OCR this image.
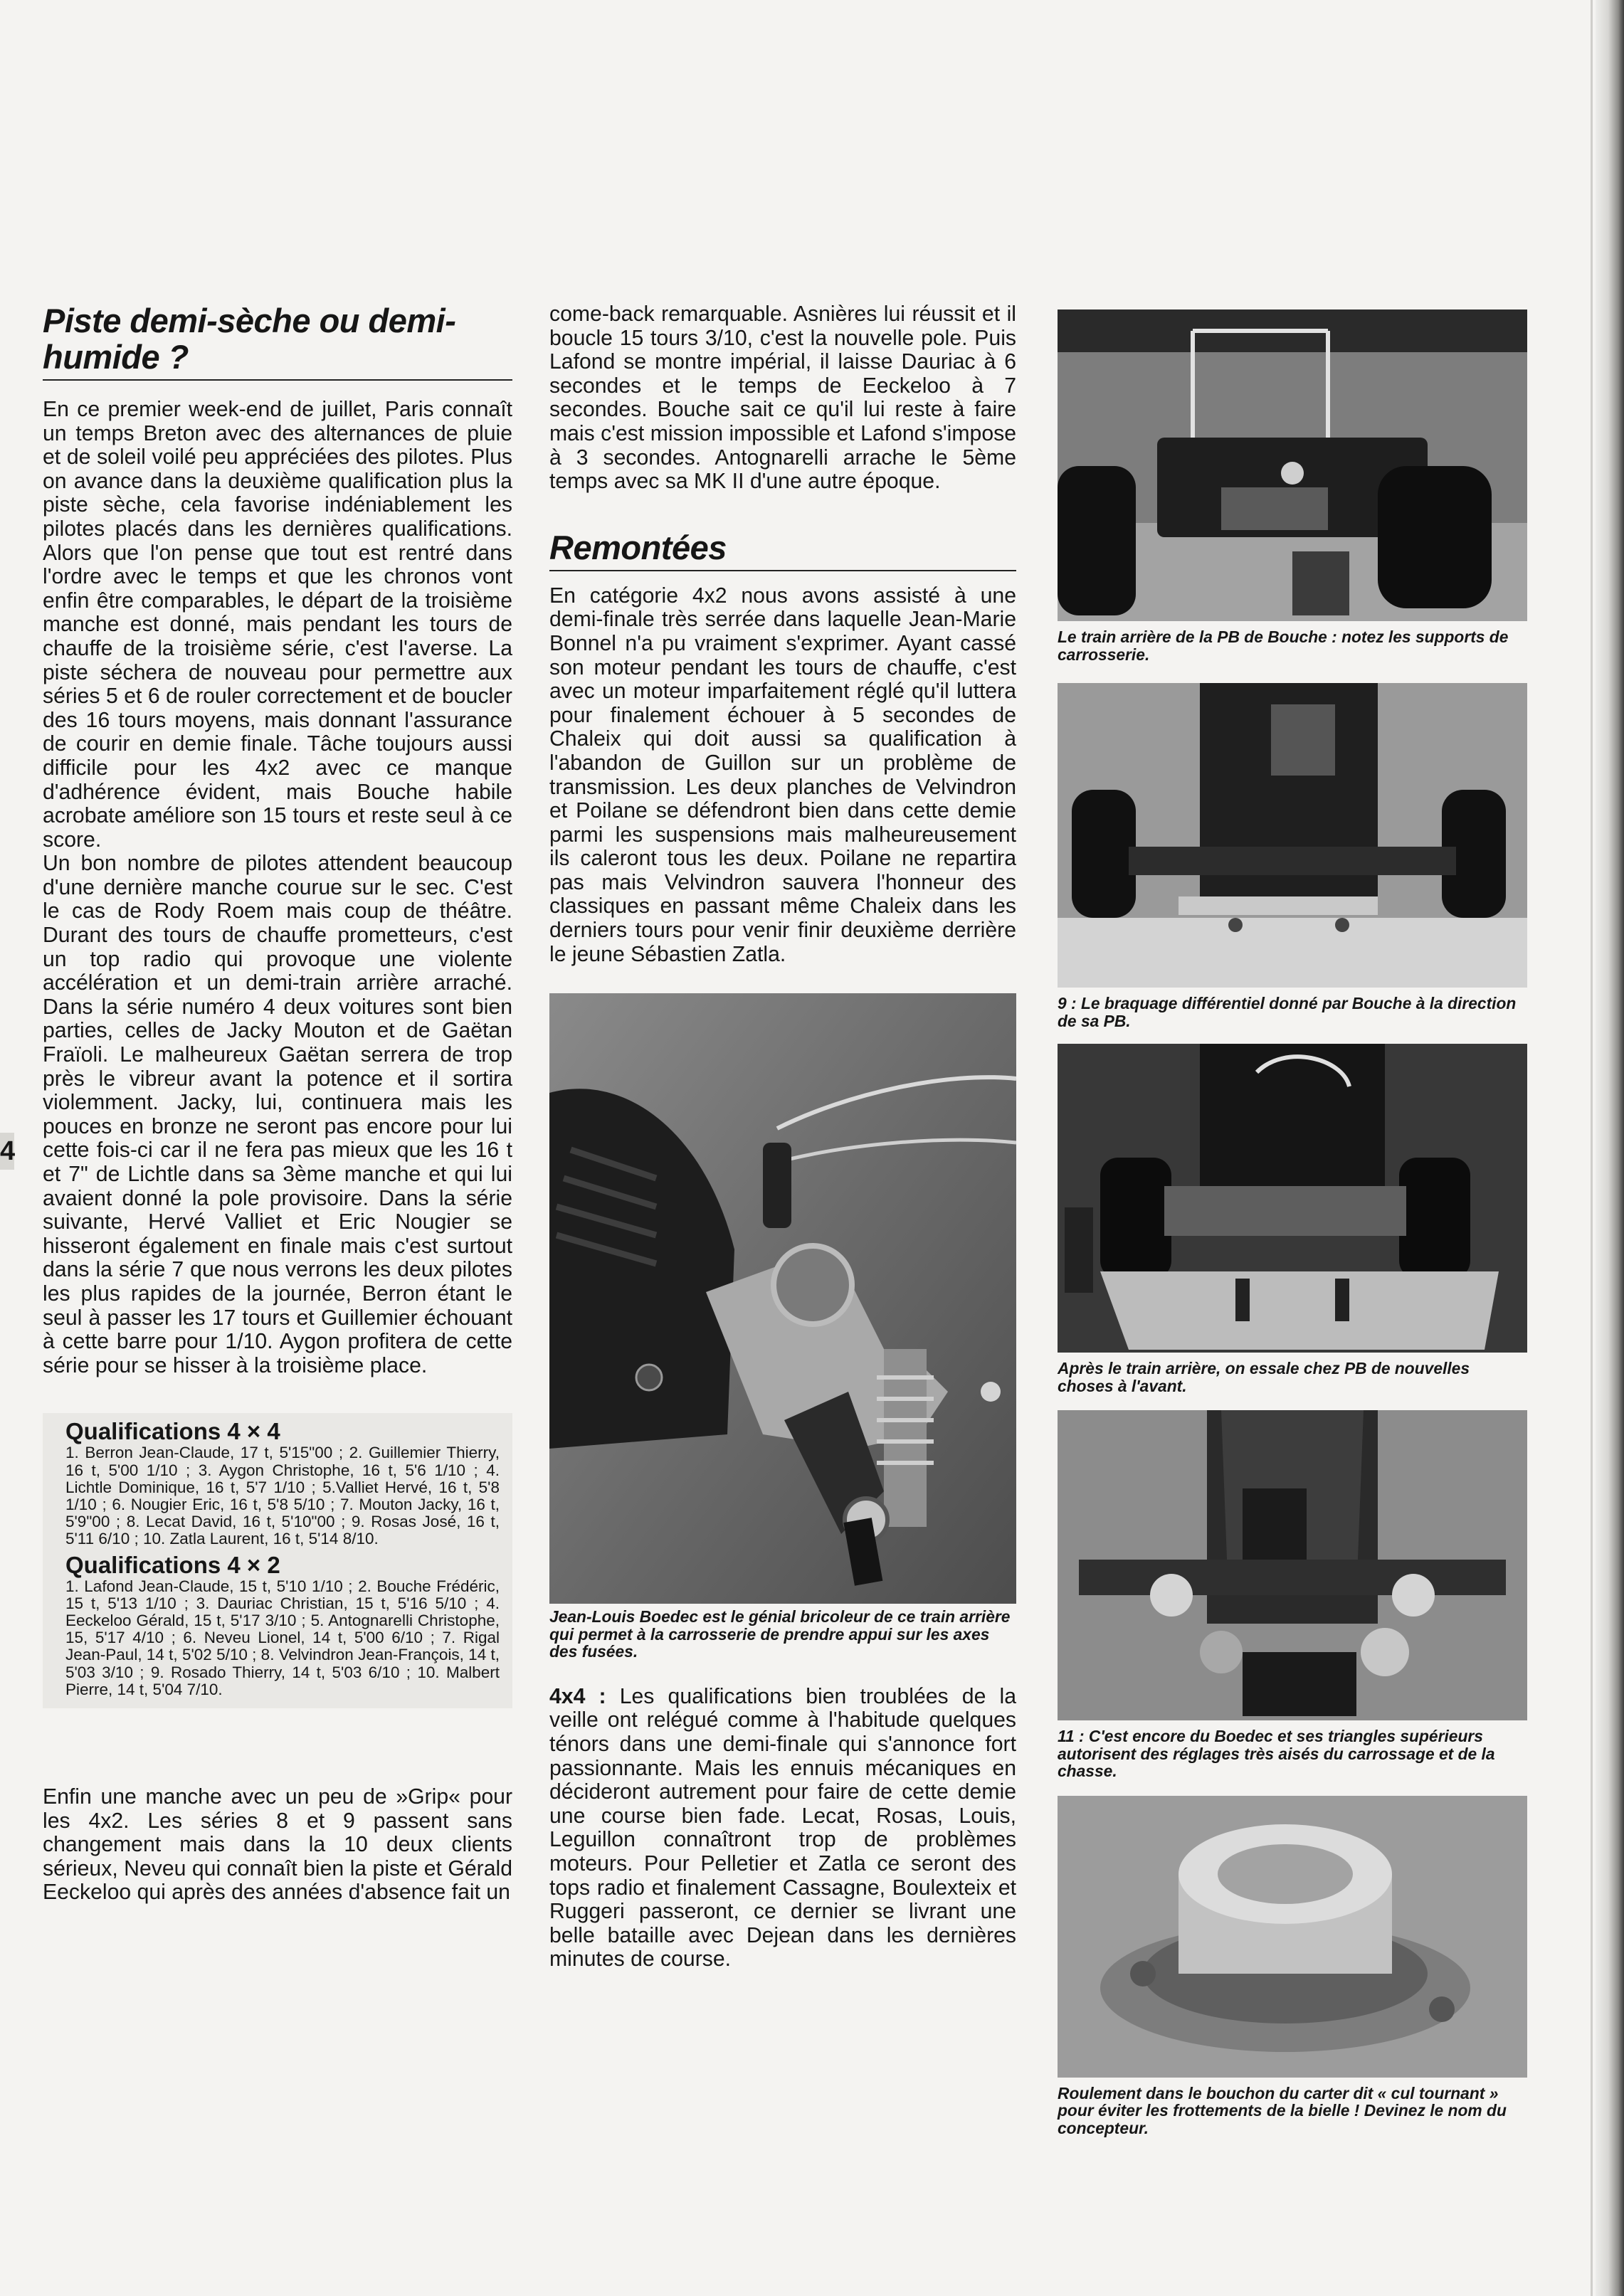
4
Piste demi-sèche ou demi-humide ?

En ce premier week-end de juillet, Paris connaît un temps Breton avec des alternances de pluie et de soleil voilé peu appréciées des pilotes. Plus on avance dans la deuxième qualification plus la piste sèche, cela favorise indéniablement les pilotes placés dans les dernières qualifications. Alors que l'on pense que tout est rentré dans l'ordre avec le temps et que les chronos vont enfin être comparables, le départ de la troisième manche est donné, mais pendant les tours de chauffe de la troisième série, c'est l'averse. La piste séchera de nouveau pour permettre aux séries 5 et 6 de rouler correctement et de boucler des 16 tours moyens, mais donnant l'assurance de courir en demie finale. Tâche toujours aussi difficile pour les 4x2 avec ce manque d'adhérence évident, mais Bouche habile acrobate améliore son 15 tours et reste seul à ce score.

Un bon nombre de pilotes attendent beaucoup d'une dernière manche courue sur le sec. C'est le cas de Rody Roem mais coup de théâtre. Durant des tours de chauffe prometteurs, c'est un top radio qui provoque une violente accélération et un demi-train arrière arraché. Dans la série numéro 4 deux voitures sont bien parties, celles de Jacky Mouton et de Gaëtan Fraïoli. Le malheureux Gaëtan serrera de trop près le vibreur avant la potence et il sortira violemment. Jacky, lui, continuera mais les pouces en bronze ne seront pas encore pour lui cette fois-ci car il ne fera pas mieux que les 16 t et 7" de Lichtle dans sa 3ème manche et qui lui avaient donné la pole provisoire. Dans la série suivante, Hervé Valliet et Eric Nougier se hisseront également en finale mais c'est surtout dans la série 7 que nous verrons les deux pilotes les plus rapides de la journée, Berron étant le seul à passer les 17 tours et Guillemier échouant à cette barre pour 1/10. Aygon profitera de cette série pour se hisser à la troisième place.

Qualifications 4 × 4

1. Berron Jean-Claude, 17 t, 5'15"00 ; 2. Guillemier Thierry, 16 t, 5'00 1/10 ; 3. Aygon Christophe, 16 t, 5'6 1/10 ; 4. Lichtle Dominique, 16 t, 5'7 1/10 ; 5.Valliet Hervé, 16 t, 5'8 1/10 ; 6. Nougier Eric, 16 t, 5'8 5/10 ; 7. Mouton Jacky, 16 t, 5'9"00 ; 8. Lecat David, 16 t, 5'10"00 ; 9. Rosas José, 16 t, 5'11 6/10 ; 10. Zatla Laurent, 16 t, 5'14 8/10.

Qualifications 4 × 2

1. Lafond Jean-Claude, 15 t, 5'10 1/10 ; 2. Bouche Frédéric, 15 t, 5'13 1/10 ; 3. Dauriac Christian, 15 t, 5'16 5/10 ; 4. Eeckeloo Gérald, 15 t, 5'17 3/10 ; 5. Antognarelli Christophe, 15, 5'17 4/10 ; 6. Neveu Lionel, 14 t, 5'00 6/10 ; 7. Rigal Jean-Paul, 14 t, 5'02 5/10 ; 8. Velvindron Jean-François, 14 t, 5'03 3/10 ; 9. Rosado Thierry, 14 t, 5'03 6/10 ; 10. Malbert Pierre, 14 t, 5'04 7/10.

Enfin une manche avec un peu de »Grip« pour les 4x2. Les séries 8 et 9 passent sans changement mais dans la 10 deux clients sérieux, Neveu qui connaît bien la piste et Gérald Eeckeloo qui après des années d'absence fait un
come-back remarquable. Asnières lui réussit et il boucle 15 tours 3/10, c'est la nouvelle pole. Puis Lafond se montre impérial, il laisse Dauriac à 6 secondes et le temps de Eeckeloo à 7 secondes. Bouche sait ce qu'il lui reste à faire mais c'est mission impossible et Lafond s'impose à 3 secondes. Antognarelli arrache le 5ème temps avec sa MK II d'une autre époque.
Remontées
En catégorie 4x2 nous avons assisté à une demi-finale très serrée dans laquelle Jean-Marie Bonnel n'a pu vraiment s'exprimer. Ayant cassé son moteur pendant les tours de chauffe, c'est avec un moteur imparfaitement réglé qu'il luttera pour finalement échouer à 5 secondes de Chaleix qui doit aussi sa qualification à l'abandon de Guillon sur un problème de transmission. Les deux planches de Velvindron et Poilane se défendront bien dans cette demie parmi les suspensions mais malheureusement ils caleront tous les deux. Poilane ne repartira pas mais Velvindron sauvera l'honneur des classiques en passant même Chaleix dans les derniers tours pour venir finir deuxième derrière le jeune Sébastien Zatla.
Jean-Louis Boedec est le génial bricoleur de ce train arrière qui permet à la carrosserie de prendre appui sur les axes des fusées.
4x4 : Les qualifications bien troublées de la veille ont relégué comme à l'habitude quelques ténors dans une demi-finale qui s'annonce fort passionnante. Mais les ennuis mécaniques en décideront autrement pour faire de cette demie une course bien fade. Lecat, Rosas, Louis, Leguillon connaîtront trop de problèmes moteurs. Pour Pelletier et Zatla ce seront des tops radio et finalement Cassagne, Boulexteix et Ruggeri passeront, ce dernier se livrant une belle bataille avec Dejean dans les dernières minutes de course.
Le train arrière de la PB de Bouche : notez les supports de carrosserie.
9 : Le braquage différentiel donné par Bouche à la direction de sa PB.
Après le train arrière, on essale chez PB de nouvelles choses à l'avant.
11 : C'est encore du Boedec et ses triangles supérieurs autorisent des réglages très aisés du carrossage et de la chasse.
Roulement dans le bouchon du carter dit « cul tournant » pour éviter les frottements de la bielle ! Devinez le nom du concepteur.
